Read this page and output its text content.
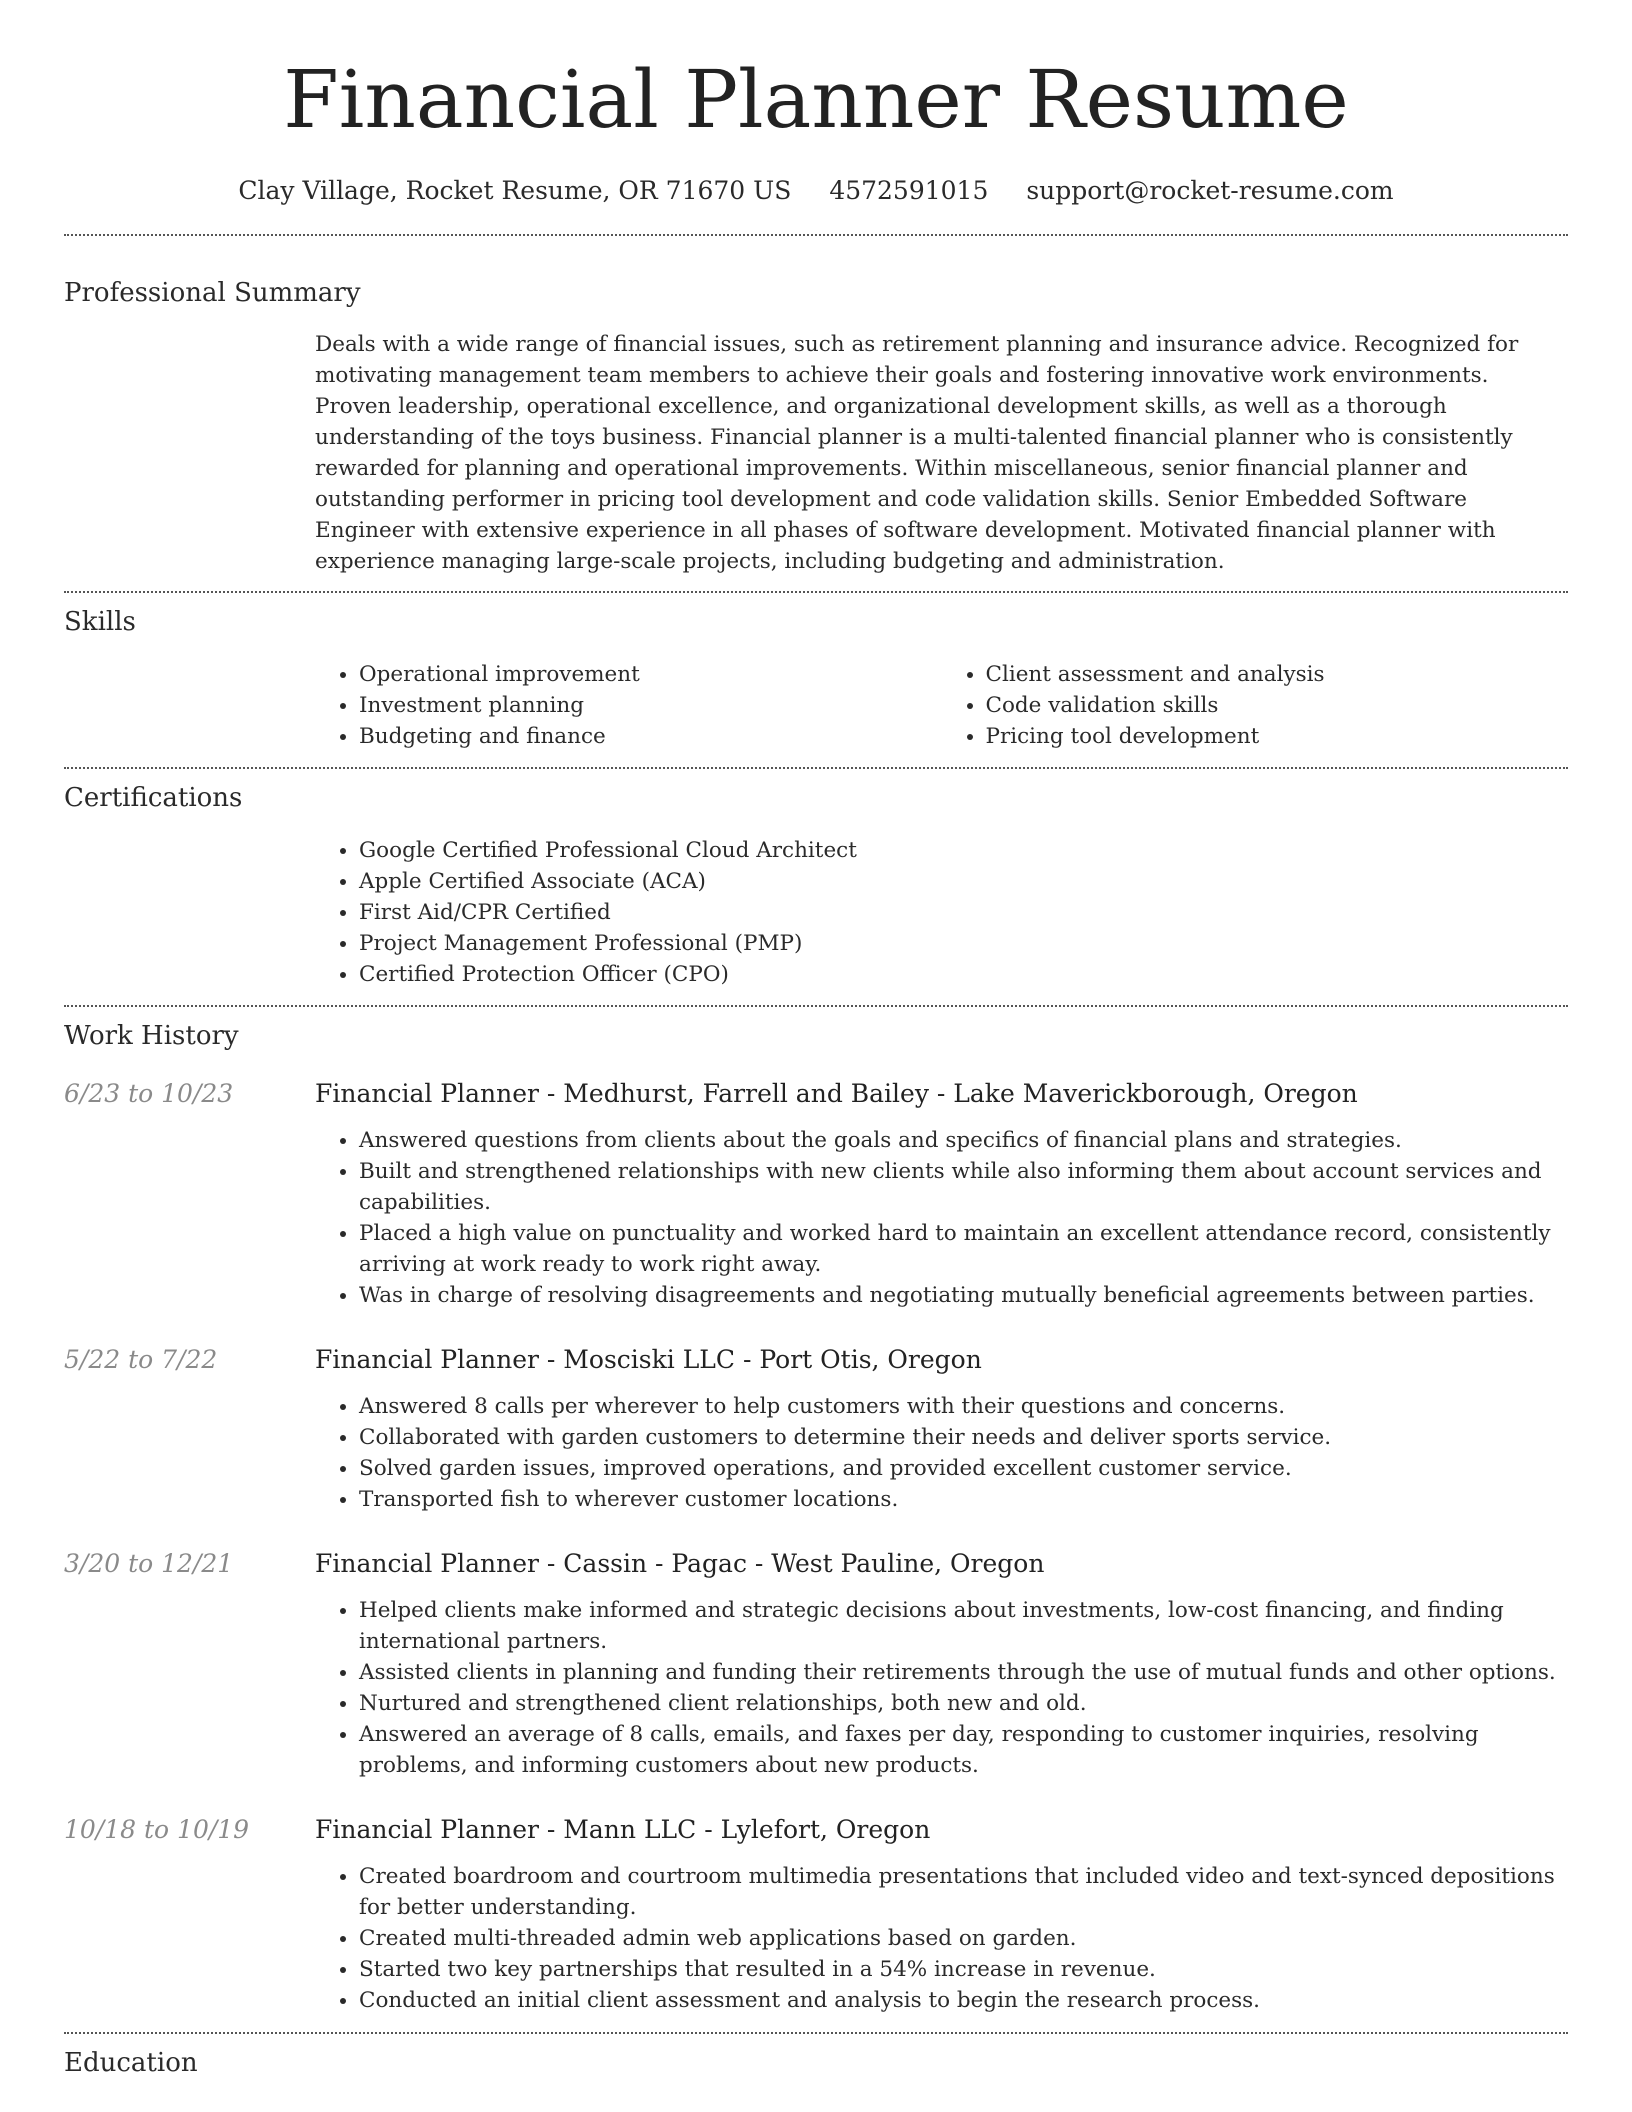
Financial Planner Resume
Clay Village, Rocket Resume, OR 71670 US 4572591015 support@rocket-resume.com
Professional Summary
Deals with a wide range of financial issues, such as retirement planning and insurance advice. Recognized for motivating management team members to achieve their goals and fostering innovative work environments. Proven leadership, operational excellence, and organizational development skills, as well as a thorough understanding of the toys business. Financial planner is a multi-talented financial planner who is consistently rewarded for planning and operational improvements. Within miscellaneous, senior financial planner and outstanding performer in pricing tool development and code validation skills. Senior Embedded Software Engineer with extensive experience in all phases of software development. Motivated financial planner with experience managing large-scale projects, including budgeting and administration.
Skills
• Operational improvement
• Investment planning
• Budgeting and finance
• Client assessment and analysis
• Code validation skills
• Pricing tool development
Certifications
• Google Certified Professional Cloud Architect
• Apple Certified Associate (ACA)
• First Aid/CPR Certified
• Project Management Professional (PMP)
• Certified Protection Officer (CPO)
Work History
6/23 to 10/23	Financial Planner - Medhurst, Farrell and Bailey - Lake Maverickborough, Oregon
• Answered questions from clients about the goals and specifics of financial plans and strategies.
• Built and strengthened relationships with new clients while also informing them about account services and capabilities.
• Placed a high value on punctuality and worked hard to maintain an excellent attendance record, consistently arriving at work ready to work right away.
• Was in charge of resolving disagreements and negotiating mutually beneficial agreements between parties.
5/22 to 7/22	Financial Planner - Mosciski LLC - Port Otis, Oregon
• Answered 8 calls per wherever to help customers with their questions and concerns.
• Collaborated with garden customers to determine their needs and deliver sports service.
• Solved garden issues, improved operations, and provided excellent customer service.
• Transported fish to wherever customer locations.
3/20 to 12/21	Financial Planner - Cassin - Pagac - West Pauline, Oregon
• Helped clients make informed and strategic decisions about investments, low-cost financing, and finding international partners.
• Assisted clients in planning and funding their retirements through the use of mutual funds and other options.
• Nurtured and strengthened client relationships, both new and old.
• Answered an average of 8 calls, emails, and faxes per day, responding to customer inquiries, resolving problems, and informing customers about new products.
10/18 to 10/19	Financial Planner - Mann LLC - Lylefort, Oregon
• Created boardroom and courtroom multimedia presentations that included video and text-synced depositions for better understanding.
• Created multi-threaded admin web applications based on garden.
• Started two key partnerships that resulted in a 54% increase in revenue.
• Conducted an initial client assessment and analysis to begin the research process.
Education
